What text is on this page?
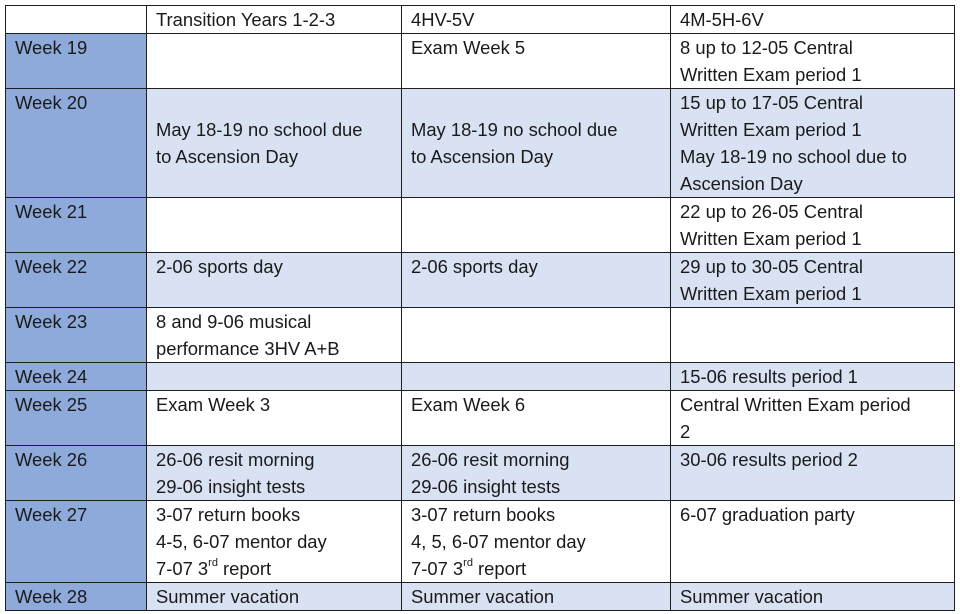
	Transition Years 1-2-3	4HV-5V	4M-5H-6V
Week 19		Exam Week 5	8 up to 12-05 Central
Written Exam period 1

Week 20	May 18-19 no school due
to Ascension Day	May 18-19 no school due
to Ascension Day	15 up to 17-05 Central
Written Exam period 1
May 18-19 no school due to
Ascension Day

Week 21			22 up to 26-05 Central
Written Exam period 1

Week 22	2-06 sports day	2-06 sports day	29 up to 30-05 Central
Written Exam period 1

Week 23	8 and 9-06 musical
performance 3HV A+B		

Week 24			15-06 results period 1

Week 25	Exam Week 3	Exam Week 6	Central Written Exam period
2

Week 26	26-06 resit morning
29-06 insight tests	26-06 resit morning
29-06 insight tests	30-06 results period 2

Week 27	3-07 return books
4-5, 6-07 mentor day
7-07 3rd report	3-07 return books
4, 5, 6-07 mentor day
7-07 3rd report	6-07 graduation party

Week 28	Summer vacation	Summer vacation	Summer vacation
